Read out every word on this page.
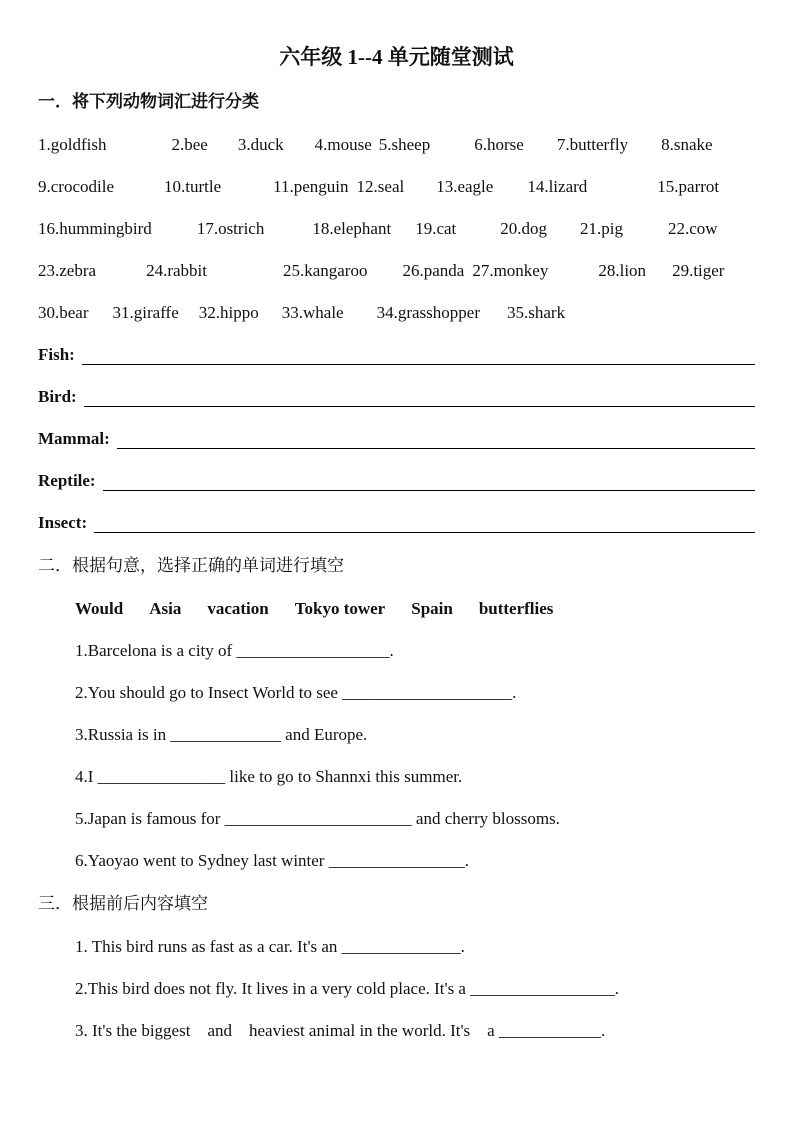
六年级 1--4 单元随堂测试
一．将下列动物词汇进行分类
1.goldfish	2.bee 3.duck 4.mouse 5.sheep	6.horse 7.butterfly 8.snake
9.crocodile	10.turtle	11.penguin 12.seal 13.eagle 14.lizard	15.parrot
16.hummingbird	17.ostrich	18.elephant 19.cat	20.dog 21.pig	22.cow
23.zebra	24.rabbit	25.kangaroo 26.panda 27.monkey	28.lion 29.tiger
30.bear 31.giraffe 32.hippo 33.whale 34.grasshopper 35.shark
Fish:
Bird:
Mammal:
Reptile:
Insect:
二．根据句意，选择正确的单词进行填空
Would Asia vacation Tokyo tower Spain butterflies
1.Barcelona is a city of __________________.
2.You should go to Insect World to see ____________________.
3.Russia is in _____________ and Europe.
4.I _______________ like to go to Shannxi this summer.
5.Japan is famous for ______________________ and cherry blossoms.
6.Yaoyao went to Sydney last winter ________________.
三．根据前后内容填空
1. This bird runs as fast as a car. It's an ______________.
2.This bird does not fly. It lives in a very cold place. It's a _________________.
3. It's the biggest    and    heaviest animal in the world. It's    a ____________.
